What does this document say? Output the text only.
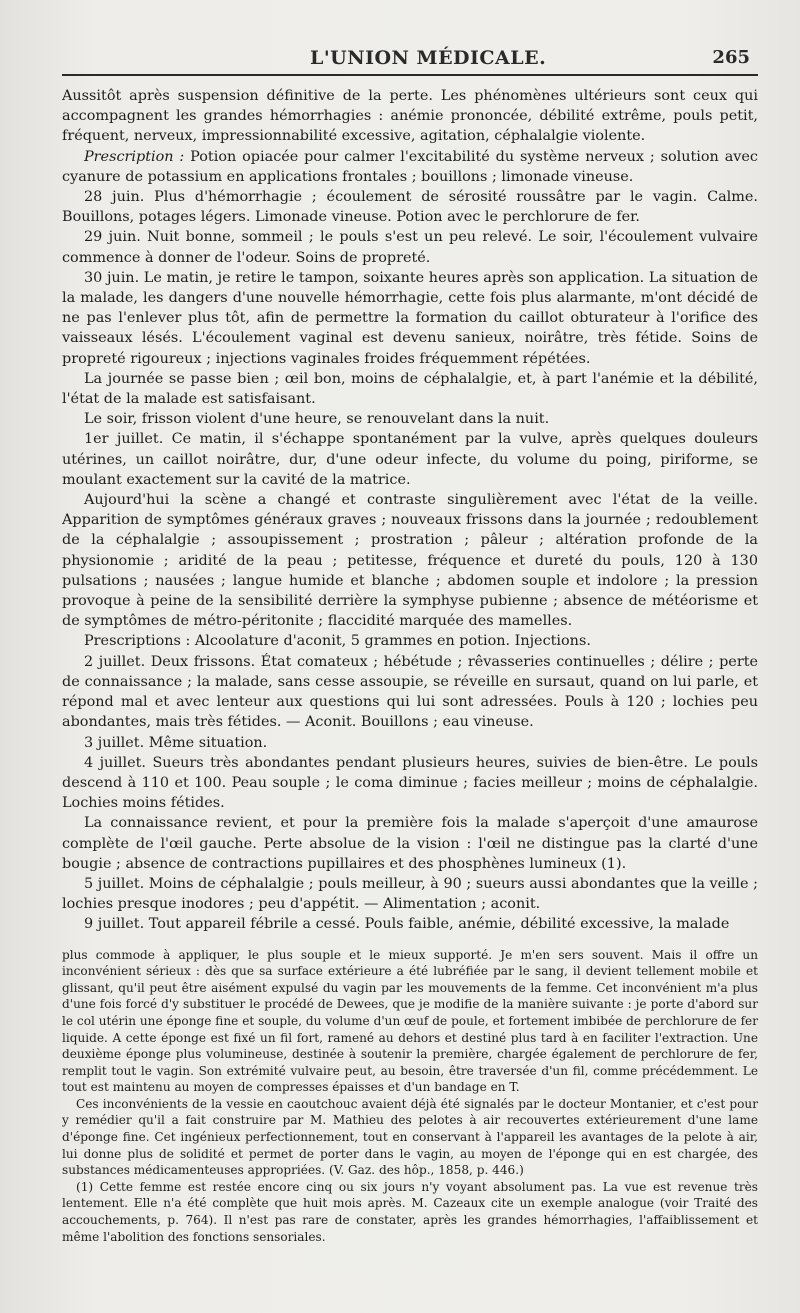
L'UNION MÉDICALE.	265

Aussitôt après suspension définitive de la perte. Les phénomènes ultérieurs sont ceux qui accompagnent les grandes hémorrhagies : anémie prononcée, débilité extrême, pouls petit, fréquent, nerveux, impressionnabilité excessive, agitation, céphalalgie violente.

Prescription : Potion opiacée pour calmer l'excitabilité du système nerveux ; solution avec cyanure de potassium en applications frontales ; bouillons ; limonade vineuse.

28 juin. Plus d'hémorrhagie ; écoulement de sérosité roussâtre par le vagin. Calme. Bouillons, potages légers. Limonade vineuse. Potion avec le perchlorure de fer.

29 juin. Nuit bonne, sommeil ; le pouls s'est un peu relevé. Le soir, l'écoulement vulvaire commence à donner de l'odeur. Soins de propreté.

30 juin. Le matin, je retire le tampon, soixante heures après son application. La situation de la malade, les dangers d'une nouvelle hémorrhagie, cette fois plus alarmante, m'ont décidé de ne pas l'enlever plus tôt, afin de permettre la formation du caillot obturateur à l'orifice des vaisseaux lésés. L'écoulement vaginal est devenu sanieux, noirâtre, très fétide. Soins de propreté rigoureux ; injections vaginales froides fréquemment répétées.

La journée se passe bien ; œil bon, moins de céphalalgie, et, à part l'anémie et la débilité, l'état de la malade est satisfaisant.

Le soir, frisson violent d'une heure, se renouvelant dans la nuit.

1er juillet. Ce matin, il s'échappe spontanément par la vulve, après quelques douleurs utérines, un caillot noirâtre, dur, d'une odeur infecte, du volume du poing, piriforme, se moulant exactement sur la cavité de la matrice.

Aujourd'hui la scène a changé et contraste singulièrement avec l'état de la veille. Apparition de symptômes généraux graves ; nouveaux frissons dans la journée ; redoublement de la céphalalgie ; assoupissement ; prostration ; pâleur ; altération profonde de la physionomie ; aridité de la peau ; petitesse, fréquence et dureté du pouls, 120 à 130 pulsations ; nausées ; langue humide et blanche ; abdomen souple et indolore ; la pression provoque à peine de la sensibilité derrière la symphyse pubienne ; absence de météorisme et de symptômes de métro-péritonite ; flaccidité marquée des mamelles.

Prescriptions : Alcoolature d'aconit, 5 grammes en potion. Injections.

2 juillet. Deux frissons. État comateux ; hébétude ; rêvasseries continuelles ; délire ; perte de connaissance ; la malade, sans cesse assoupie, se réveille en sursaut, quand on lui parle, et répond mal et avec lenteur aux questions qui lui sont adressées. Pouls à 120 ; lochies peu abondantes, mais très fétides. — Aconit. Bouillons ; eau vineuse.

3 juillet. Même situation.

4 juillet. Sueurs très abondantes pendant plusieurs heures, suivies de bien-être. Le pouls descend à 110 et 100. Peau souple ; le coma diminue ; facies meilleur ; moins de céphalalgie. Lochies moins fétides.

La connaissance revient, et pour la première fois la malade s'aperçoit d'une amaurose complète de l'œil gauche. Perte absolue de la vision : l'œil ne distingue pas la clarté d'une bougie ; absence de contractions pupillaires et des phosphènes lumineux (1).

5 juillet. Moins de céphalalgie ; pouls meilleur, à 90 ; sueurs aussi abondantes que la veille ; lochies presque inodores ; peu d'appétit. — Alimentation ; aconit.

9 juillet. Tout appareil fébrile a cessé. Pouls faible, anémie, débilité excessive, la malade

plus commode à appliquer, le plus souple et le mieux supporté. Je m'en sers souvent. Mais il offre un inconvénient sérieux : dès que sa surface extérieure a été lubréfiée par le sang, il devient tellement mobile et glissant, qu'il peut être aisément expulsé du vagin par les mouvements de la femme. Cet inconvénient m'a plus d'une fois forcé d'y substituer le procédé de Dewees, que je modifie de la manière suivante : je porte d'abord sur le col utérin une éponge fine et souple, du volume d'un œuf de poule, et fortement imbibée de perchlorure de fer liquide. A cette éponge est fixé un fil fort, ramené au dehors et destiné plus tard à en faciliter l'extraction. Une deuxième éponge plus volumineuse, destinée à soutenir la première, chargée également de perchlorure de fer, remplit tout le vagin. Son extrémité vulvaire peut, au besoin, être traversée d'un fil, comme précédemment. Le tout est maintenu au moyen de compresses épaisses et d'un bandage en T.

Ces inconvénients de la vessie en caoutchouc avaient déjà été signalés par le docteur Montanier, et c'est pour y remédier qu'il a fait construire par M. Mathieu des pelotes à air recouvertes extérieurement d'une lame d'éponge fine. Cet ingénieux perfectionnement, tout en conservant à l'appareil les avantages de la pelote à air, lui donne plus de solidité et permet de porter dans le vagin, au moyen de l'éponge qui en est chargée, des substances médicamenteuses appropriées. (V. Gaz. des hôp., 1858, p. 446.)

(1) Cette femme est restée encore cinq ou six jours n'y voyant absolument pas. La vue est revenue très lentement. Elle n'a été complète que huit mois après. M. Cazeaux cite un exemple analogue (voir Traité des accouchements, p. 764). Il n'est pas rare de constater, après les grandes hémorrhagies, l'affaiblissement et même l'abolition des fonctions sensoriales.
